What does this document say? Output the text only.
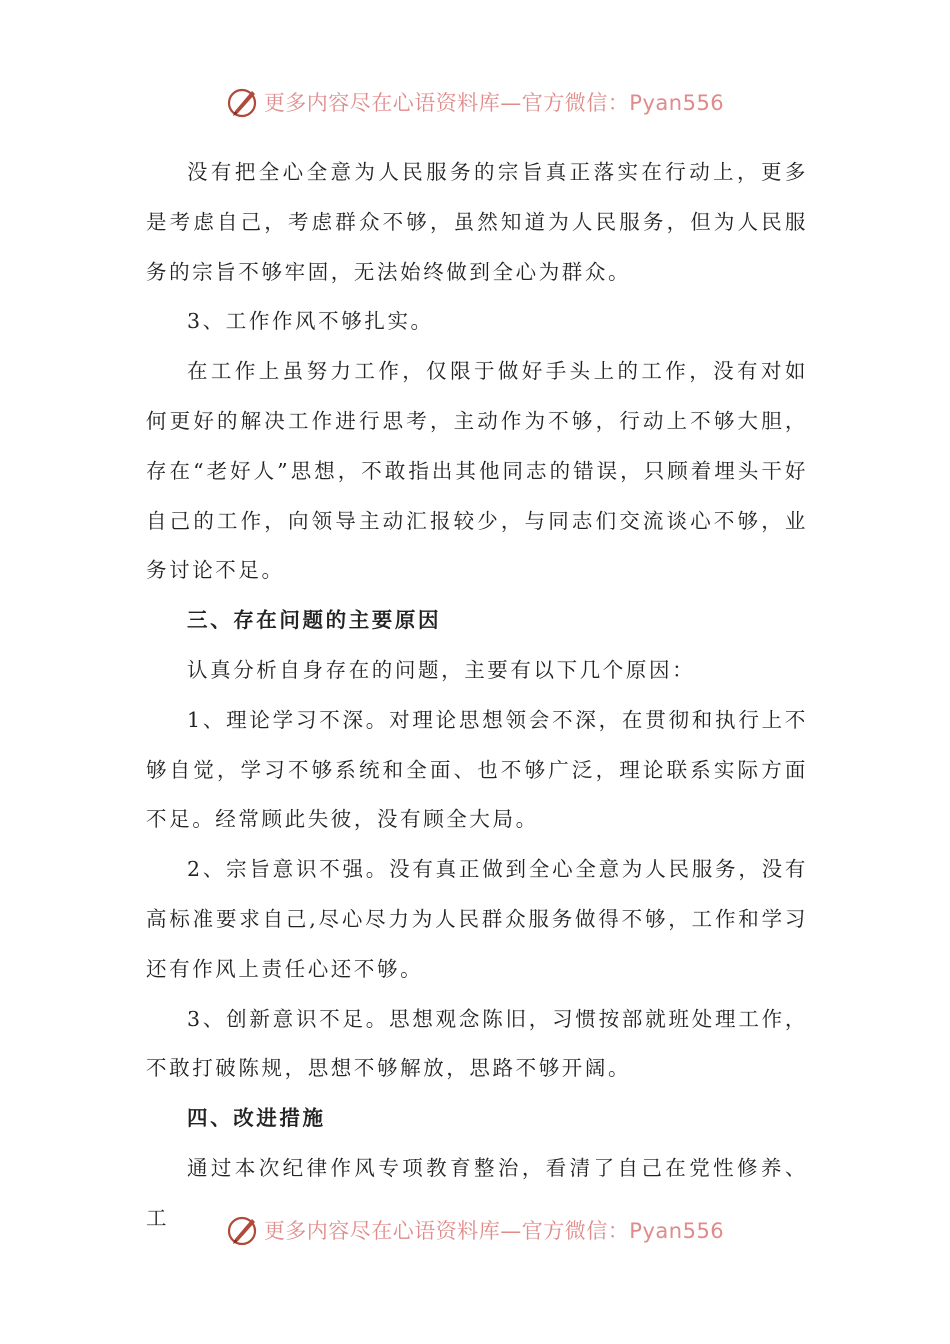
更多内容尽在心语资料库—官方微信：Pyan556

没有把全心全意为人民服务的宗旨真正落实在行动上，更多是考虑自己，考虑群众不够，虽然知道为人民服务，但为人民服务的宗旨不够牢固，无法始终做到全心为群众。

3、工作作风不够扎实。

在工作上虽努力工作，仅限于做好手头上的工作，没有对如何更好的解决工作进行思考，主动作为不够，行动上不够大胆，存在“老好人”思想，不敢指出其他同志的错误，只顾着埋头干好自己的工作，向领导主动汇报较少，与同志们交流谈心不够，业务讨论不足。

三、存在问题的主要原因

认真分析自身存在的问题，主要有以下几个原因：

1、理论学习不深。对理论思想领会不深，在贯彻和执行上不够自觉，学习不够系统和全面、也不够广泛，理论联系实际方面不足。经常顾此失彼，没有顾全大局。

2、宗旨意识不强。没有真正做到全心全意为人民服务，没有高标准要求自己,尽心尽力为人民群众服务做得不够，工作和学习还有作风上责任心还不够。

3、创新意识不足。思想观念陈旧，习惯按部就班处理工作，不敢打破陈规，思想不够解放，思路不够开阔。

四、改进措施

通过本次纪律作风专项教育整治，看清了自己在党性修养、工

更多内容尽在心语资料库—官方微信：Pyan556
